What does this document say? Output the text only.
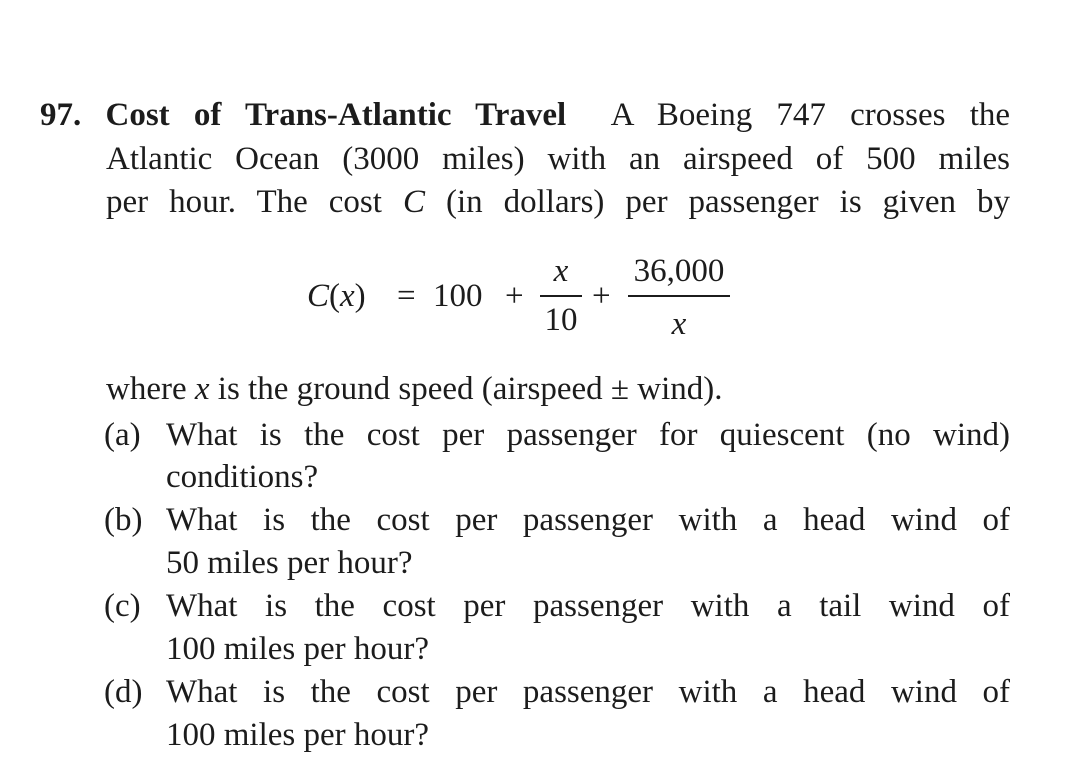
97. Cost of Trans-Atlantic Travel A Boeing 747 crosses the
Atlantic Ocean (3000 miles) with an airspeed of 500 miles
per hour. The cost C (in dollars) per passenger is given by
C(x) = 100 +
x
10
+
36,000
x
where x is the ground speed (airspeed ± wind).
(a) What is the cost per passenger for quiescent (no wind)
conditions?
(b) What is the cost per passenger with a head wind of
50 miles per hour?
(c) What is the cost per passenger with a tail wind of
100 miles per hour?
(d) What is the cost per passenger with a head wind of
100 miles per hour?
